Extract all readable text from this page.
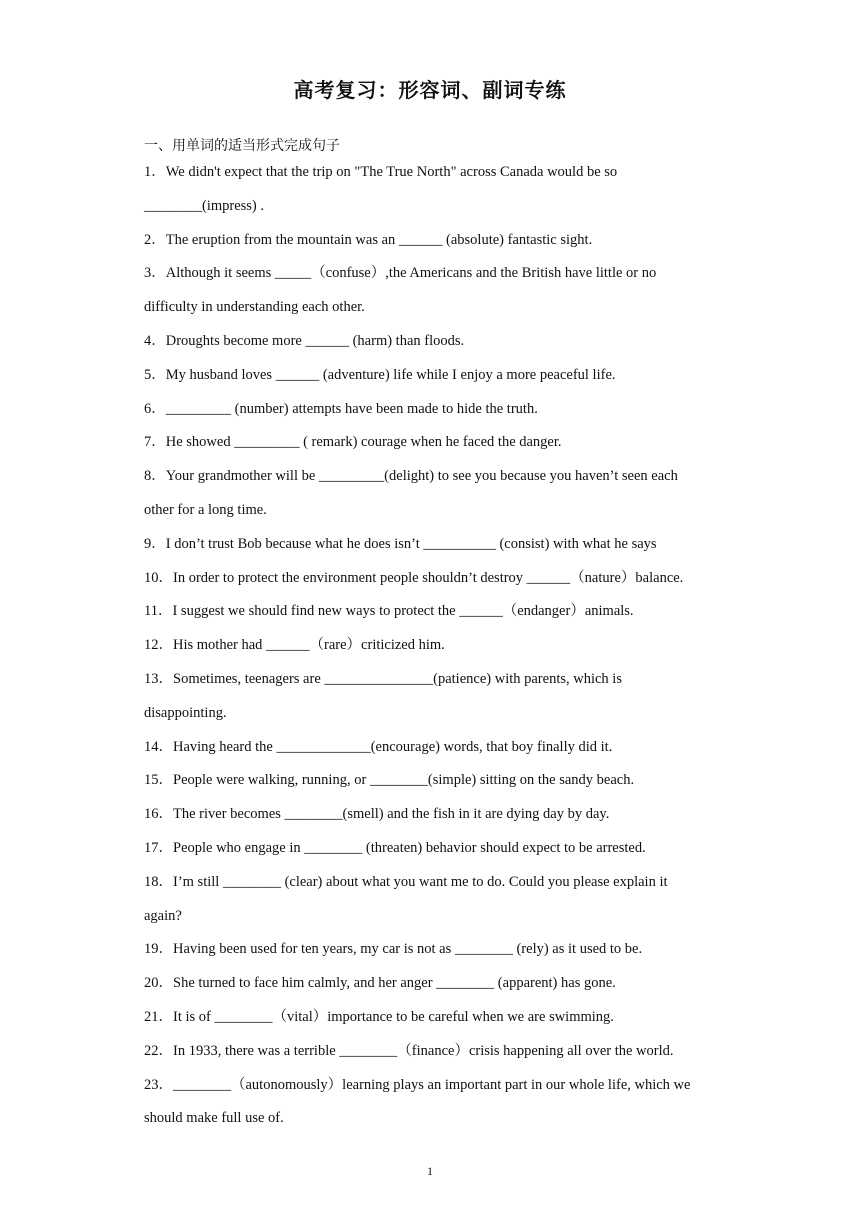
高考复习：形容词、副词专练
一、用单词的适当形式完成句子
1．We didn't expect that the trip on "The True North" across Canada would be so
________(impress) .
2．The eruption from the mountain was an ______ (absolute) fantastic sight.
3．Although it seems _____（confuse）,the Americans and the British have little or no
difficulty in understanding each other.
4．Droughts become more ______ (harm) than floods.
5．My husband loves ______ (adventure) life while I enjoy a more peaceful life.
6．_________ (number) attempts have been made to hide the truth.
7．He showed _________ ( remark) courage when he faced the danger.
8．Your grandmother will be _________(delight) to see you because you haven’t seen each
other for a long time.
9．I don’t trust Bob because what he does isn’t __________ (consist) with what he says
10．In order to protect the environment people shouldn’t destroy ______（nature）balance.
11．I suggest we should find new ways to protect the ______（endanger）animals.
12．His mother had ______（rare）criticized him.
13．Sometimes, teenagers are _______________(patience) with parents, which is
disappointing.
14．Having heard the _____________(encourage) words, that boy finally did it.
15．People were walking, running, or ________(simple) sitting on the sandy beach.
16．The river becomes ________(smell) and the fish in it are dying day by day.
17．People who engage in ________ (threaten) behavior should expect to be arrested.
18．I’m still ________ (clear) about what you want me to do. Could you please explain it
again?
19．Having been used for ten years, my car is not as ________ (rely) as it used to be.
20．She turned to face him calmly, and her anger ________ (apparent) has gone.
21．It is of ________（vital）importance to be careful when we are swimming.
22．In 1933, there was a terrible ________（finance）crisis happening all over the world.
23．________（autonomously）learning plays an important part in our whole life, which we
should make full use of.
1
